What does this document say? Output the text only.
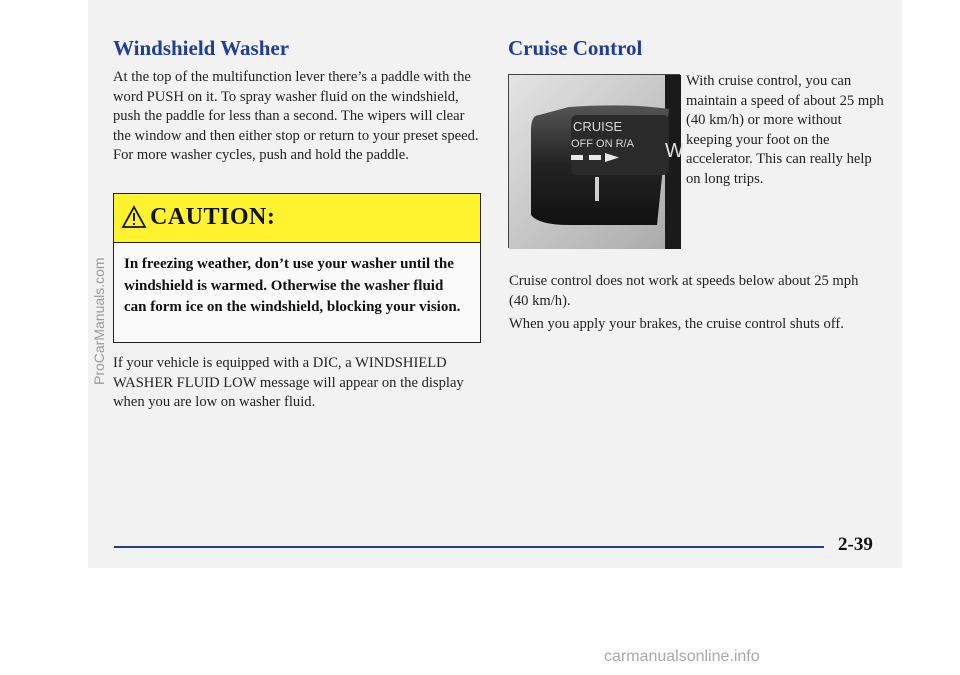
Windshield Washer

At the top of the multifunction lever there’s a paddle with the word PUSH on it. To spray washer fluid on the windshield, push the paddle for less than a second. The wipers will clear the window and then either stop or return to your preset speed. For more washer cycles, push and hold the paddle.

CAUTION:

In freezing weather, don’t use your washer until the windshield is warmed. Otherwise the washer fluid can form ice on the windshield, blocking your vision.

If your vehicle is equipped with a DIC, a WINDSHIELD WASHER FLUID LOW message will appear on the display when you are low on washer fluid.

Cruise Control
CRUISE
OFF ON R/A W

With cruise control, you can maintain a speed of about 25 mph (40 km/h) or more without keeping your foot on the accelerator. This can really help on long trips.

Cruise control does not work at speeds below about 25 mph (40 km/h).

When you apply your brakes, the cruise control shuts off.

2-39
ProCarManuals.com
carmanualsonline.info
